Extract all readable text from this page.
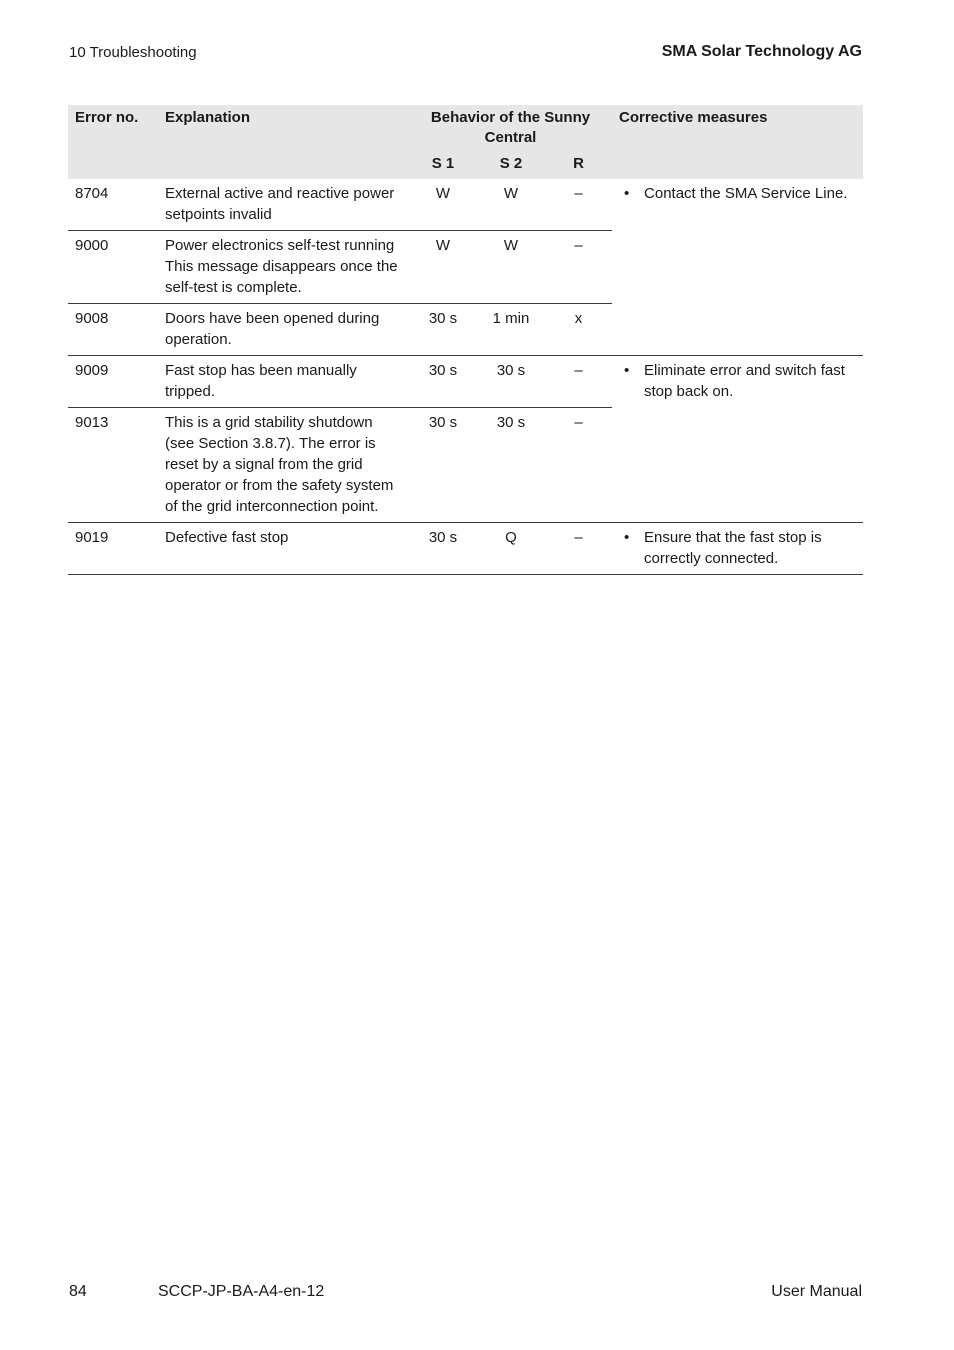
10 Troubleshooting	SMA Solar Technology AG
Error no.	Explanation	Behavior of the Sunny Central			Corrective measures
		S 1	S 2	R	
8704	External active and reactive power setpoints invalid	W	W	–	• Contact the SMA Service Line.

9000	Power electronics self-test running This message disappears once the self-test is complete.	W	W	–	
9008	Doors have been opened during operation.	30 s	1 min	x	
9009	Fast stop has been manually tripped.	30 s	30 s	–	• Eliminate error and switch fast stop back on.

9013	This is a grid stability shutdown (see Section 3.8.7). The error is reset by a signal from the grid operator or from the safety system of the grid interconnection point.	30 s	30 s	–	
9019	Defective fast stop	30 s	Q	–	• Ensure that the fast stop is correctly connected.
84	SCCP-JP-BA-A4-en-12	User Manual
